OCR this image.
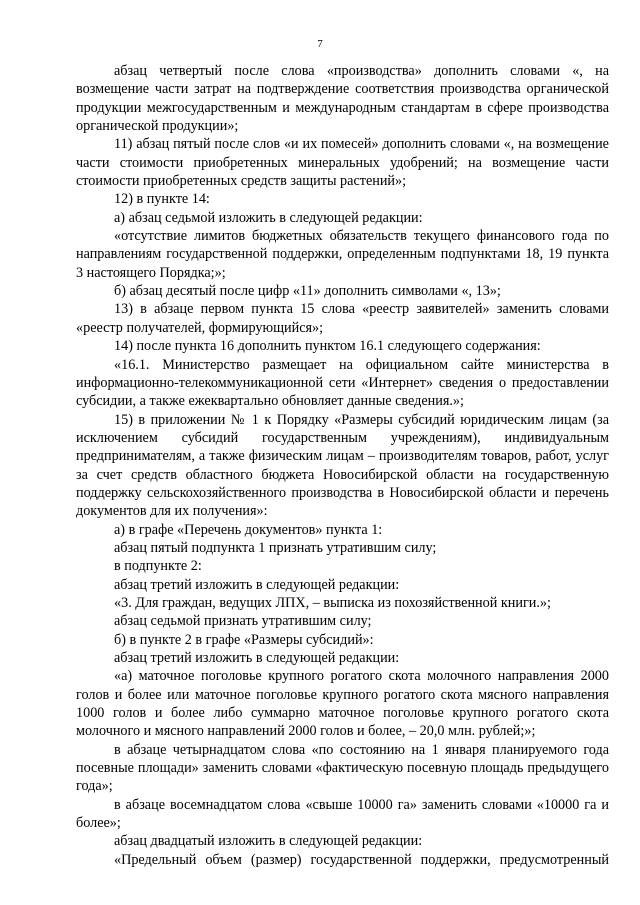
7

абзац четвертый после слова «производства» дополнить словами «, на возмещение части затрат на подтверждение соответствия производства органической продукции межгосударственным и международным стандартам в сфере производства органической продукции»;

11) абзац пятый после слов «и их помесей» дополнить словами «, на возмещение части стоимости приобретенных минеральных удобрений; на возмещение части стоимости приобретенных средств защиты растений»;

12) в пункте 14:

а) абзац седьмой изложить в следующей редакции:

«отсутствие лимитов бюджетных обязательств текущего финансового года по направлениям государственной поддержки, определенным подпунктами 18, 19 пункта 3 настоящего Порядка;»;

б) абзац десятый после цифр «11» дополнить символами «, 13»;

13) в абзаце первом пункта 15 слова «реестр заявителей» заменить словами «реестр получателей, формирующийся»;

14) после пункта 16 дополнить пунктом 16.1 следующего содержания:

«16.1. Министерство размещает на официальном сайте министерства в информационно-телекоммуникационной сети «Интернет» сведения о предоставлении субсидии, а также ежеквартально обновляет данные сведения.»;

15) в приложении № 1 к Порядку «Размеры субсидий юридическим лицам (за исключением субсидий государственным учреждениям), индивидуальным предпринимателям, а также физическим лицам – производителям товаров, работ, услуг за счет средств областного бюджета Новосибирской области на государственную поддержку сельскохозяйственного производства в Новосибирской области и перечень документов для их получения»:

а) в графе «Перечень документов» пункта 1:

абзац пятый подпункта 1 признать утратившим силу;

в подпункте 2:

абзац третий изложить в следующей редакции:

«3. Для граждан, ведущих ЛПХ, – выписка из похозяйственной книги.»;

абзац седьмой признать утратившим силу;

б) в пункте 2 в графе «Размеры субсидий»:

абзац третий изложить в следующей редакции:

«а) маточное поголовье крупного рогатого скота молочного направления 2000 голов и более или маточное поголовье крупного рогатого скота мясного направления 1000 голов и более либо суммарно маточное поголовье крупного рогатого скота молочного и мясного направлений 2000 голов и более, – 20,0 млн. рублей;»;

в абзаце четырнадцатом слова «по состоянию на 1 января планируемого года посевные площади» заменить словами «фактическую посевную площадь предыдущего года»;

в абзаце восемнадцатом слова «свыше 10000 га» заменить словами «10000 га и более»;

абзац двадцатый изложить в следующей редакции:

«Предельный объем (размер) государственной поддержки, предусмотренный
